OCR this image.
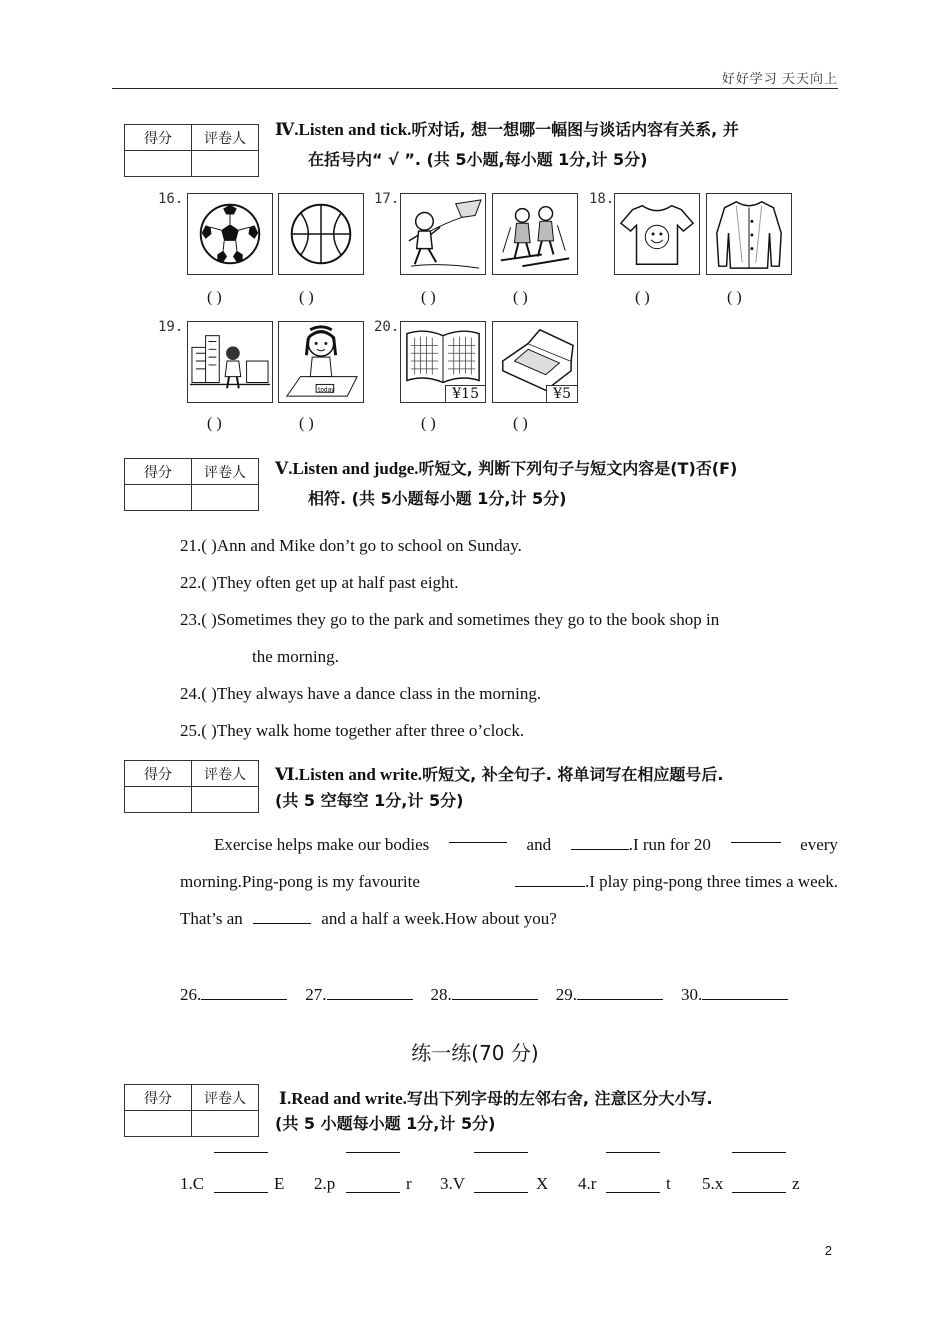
好好学习 天天向上
得分	评卷人
	Ⅳ.Listen and tick.听对话, 想一想哪一幅图与谈话内容有关系, 并
在括号内“ √ ”. (共 5小题,每小题 1分,计 5分)
16.	17.	18.
( )	( )	( )	( )	( )	( )
19.	20.
today	¥15	¥5
( )	( )	( )	( )
得分	评卷人
	Ⅴ.Listen and judge.听短文, 判断下列句子与短文内容是(T)否(F)
相符. (共 5小题每小题 1分,计 5分)
21.( )Ann and Mike don’t go to school on Sunday.
22.( )They often get up at half past eight.
23.( )Sometimes they go to the park and sometimes they go to the book shop in
the morning.
24.( )They always have a dance class in the morning.
25.( )They walk home together after three o’clock.
得分	评卷人
	Ⅵ.Listen and write.听短文, 补全句子. 将单词写在相应题号后.
(共 5 空每空 1分,计 5分)
Exercise helps make our bodies	and	.I run for 20	every
morning.Ping-pong is my favourite	.I play ping-pong three times a week.
That’s an	and a half a week.How about you?
26.	27.	28.	29.	30.
练一练(70 分)
得分	评卷人
	Ⅰ.Read and write.写出下列字母的左邻右舍, 注意区分大小写.
(共 5 小题每小题 1分,计 5分)
1.C	E 2.p	r 3.V	X 4.r	t 5.x	z
2
